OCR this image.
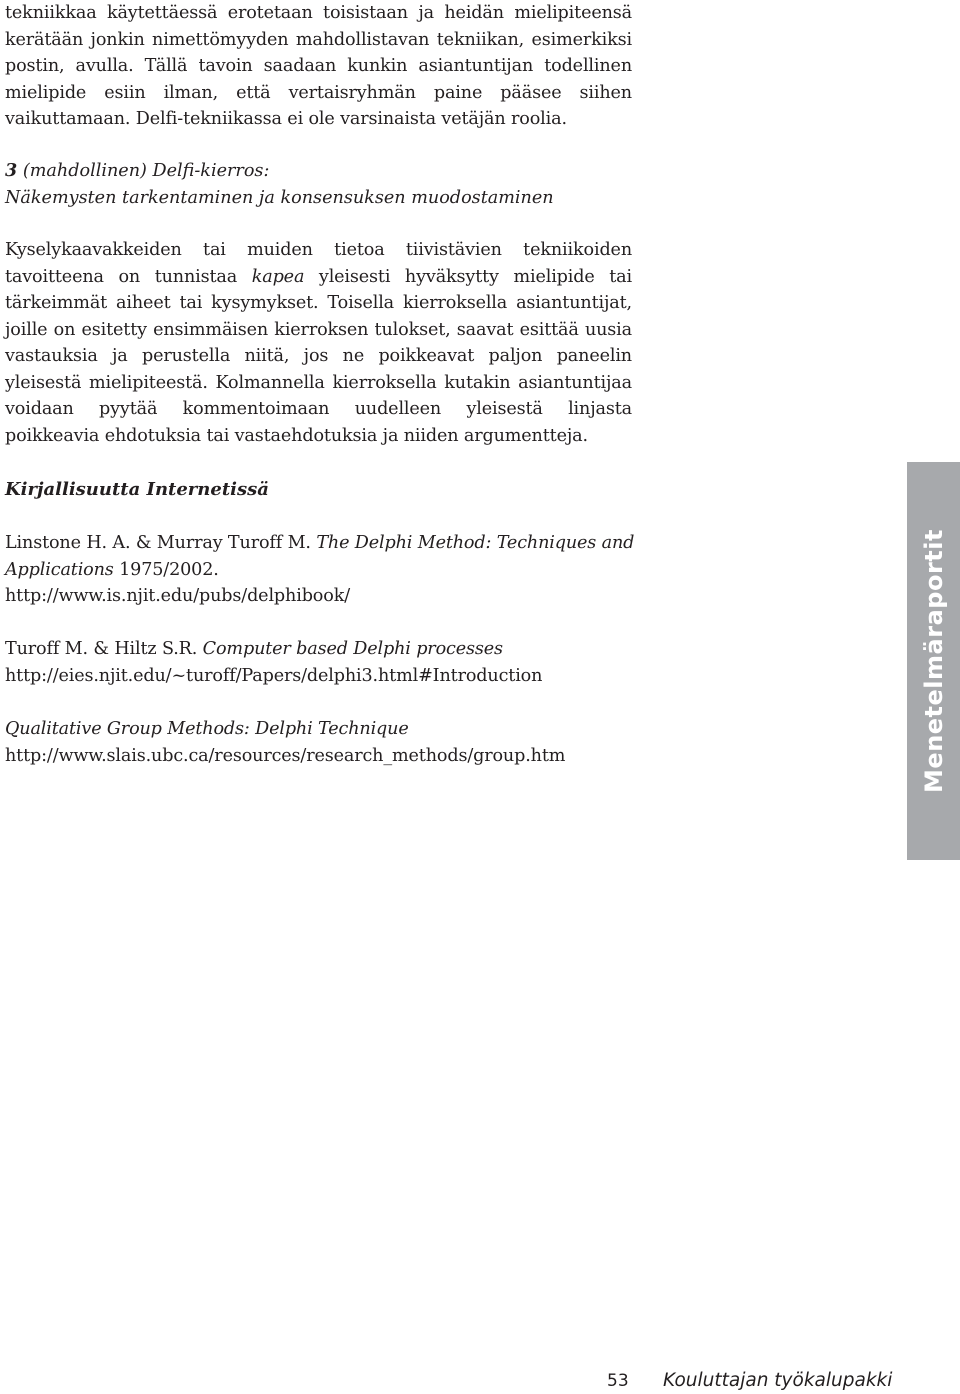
tekniikkaa käytettäessä erotetaan toisistaan ja heidän mielipiteensä kerätään jonkin nimettömyyden mahdollistavan tekniikan, esimerkiksi postin, avulla. Tällä tavoin saadaan kunkin asiantuntijan todellinen mielipide esiin ilman, että vertaisryhmän paine pääsee siihen vaikuttamaan. Delfi-tekniikassa ei ole varsinaista vetäjän roolia.

3 (mahdollinen) Delfi-kierros:
Näkemysten tarkentaminen ja konsensuksen muodostaminen

Kyselykaavakkeiden tai muiden tietoa tiivistävien tekniikoiden tavoitteena on tunnistaa kapea yleisesti hyväksytty mielipide tai tärkeimmät aiheet tai kysymykset. Toisella kierroksella asiantuntijat, joille on esitetty ensimmäisen kierroksen tulokset, saavat esittää uusia vastauksia ja perustella niitä, jos ne poikkeavat paljon paneelin yleisestä mielipiteestä. Kolmannella kierroksella kutakin asiantuntijaa voidaan pyytää kommentoimaan uudelleen yleisestä linjasta poikkeavia ehdotuksia tai vastaehdotuksia ja niiden argumentteja.

Kirjallisuutta Internetissä

Linstone H. A. & Murray Turoff M. The Delphi Method: Techniques and Applications 1975/2002.
http://www.is.njit.edu/pubs/delphibook/

Turoff M. & Hiltz S.R. Computer based Delphi processes
http://eies.njit.edu/~turoff/Papers/delphi3.html#Introduction

Qualitative Group Methods: Delphi Technique
http://www.slais.ubc.ca/resources/research_methods/group.htm	Menetelmäraportit
53 Kouluttajan työkalupakki
